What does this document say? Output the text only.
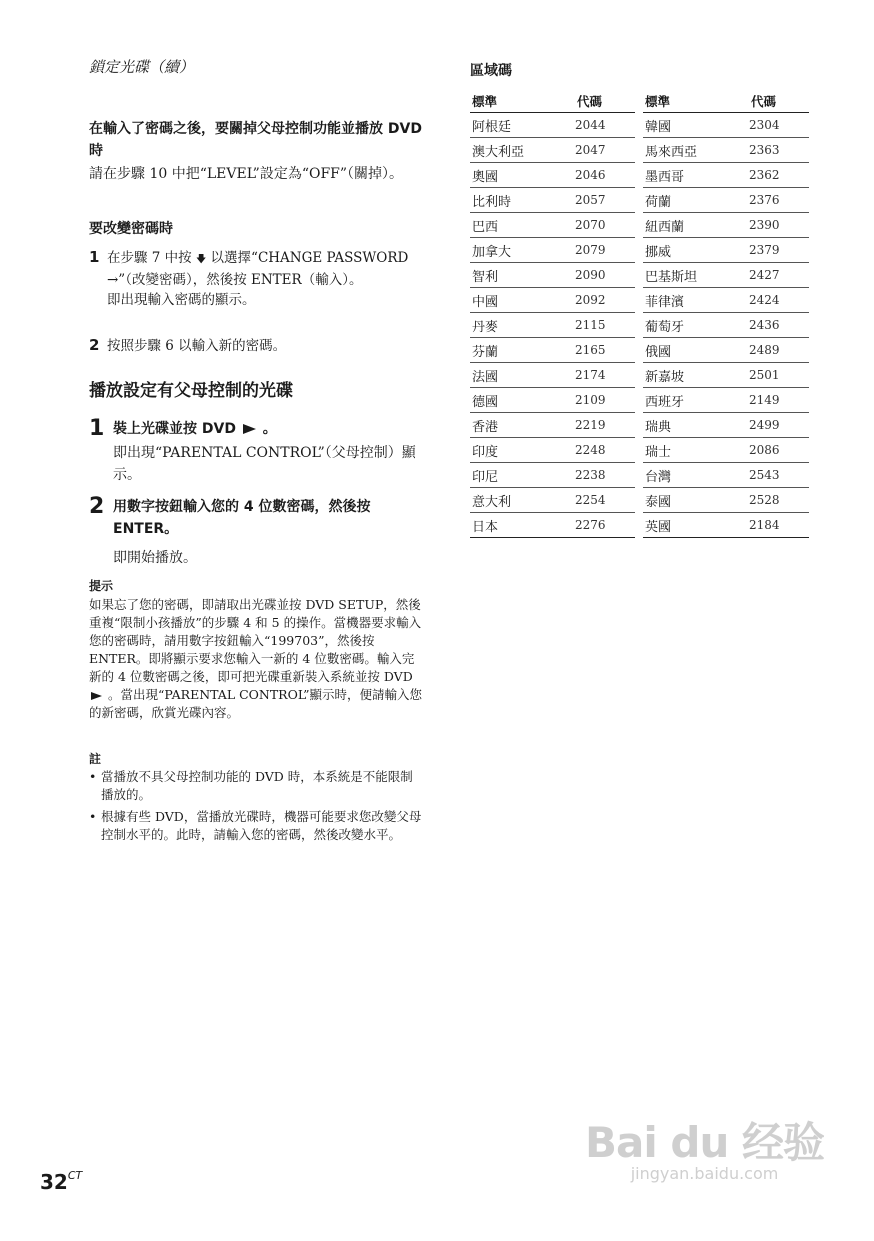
鎖定光碟（續）
在輸入了密碼之後，要關掉父母控制功能並播放 DVD 時
請在步驟 10 中把“LEVEL”設定為“OFF”（關掉）。
要改變密碼時
1 在步驟 7 中按 🡇 以選擇“CHANGE PASSWORD →”（改變密碼），然後按 ENTER（輸入）。
即出現輸入密碼的顯示。
2 按照步驟 6 以輸入新的密碼。
播放設定有父母控制的光碟
1 裝上光碟並按 DVD 。
即出現“PARENTAL CONTROL”（父母控制）顯示。
2 用數字按鈕輸入您的 4 位數密碼，然後按 ENTER。
即開始播放。
提示
如果忘了您的密碼，即請取出光碟並按 DVD SETUP，然後重複“限制小孩播放”的步驟 4 和 5 的操作。當機器要求輸入您的密碼時，請用數字按鈕輸入“199703”，然後按 ENTER。即將顯示要求您輸入一新的 4 位數密碼。輸入完新的 4 位數密碼之後，即可把光碟重新裝入系統並按 DVD  。當出現“PARENTAL CONTROL”顯示時，便請輸入您的新密碼，欣賞光碟內容。
註
• 當播放不具父母控制功能的 DVD 時，本系統是不能限制播放的。
• 根據有些 DVD，當播放光碟時，機器可能要求您改變父母控制水平的。此時，請輸入您的密碼，然後改變水平。
區域碼
標準	代碼
阿根廷	2044
澳大利亞	2047
奧國	2046
比利時	2057
巴西	2070
加拿大	2079
智利	2090
中國	2092
丹麥	2115
芬蘭	2165
法國	2174
德國	2109
香港	2219
印度	2248
印尼	2238
意大利	2254
日本	2276
標準	代碼
韓國	2304
馬來西亞	2363
墨西哥	2362
荷蘭	2376
紐西蘭	2390
挪威	2379
巴基斯坦	2427
菲律濱	2424
葡萄牙	2436
俄國	2489
新嘉坡	2501
西班牙	2149
瑞典	2499
瑞士	2086
台灣	2543
泰國	2528
英國	2184
$32^{CT}$
Bai du 经验
jingyan.baidu.com
